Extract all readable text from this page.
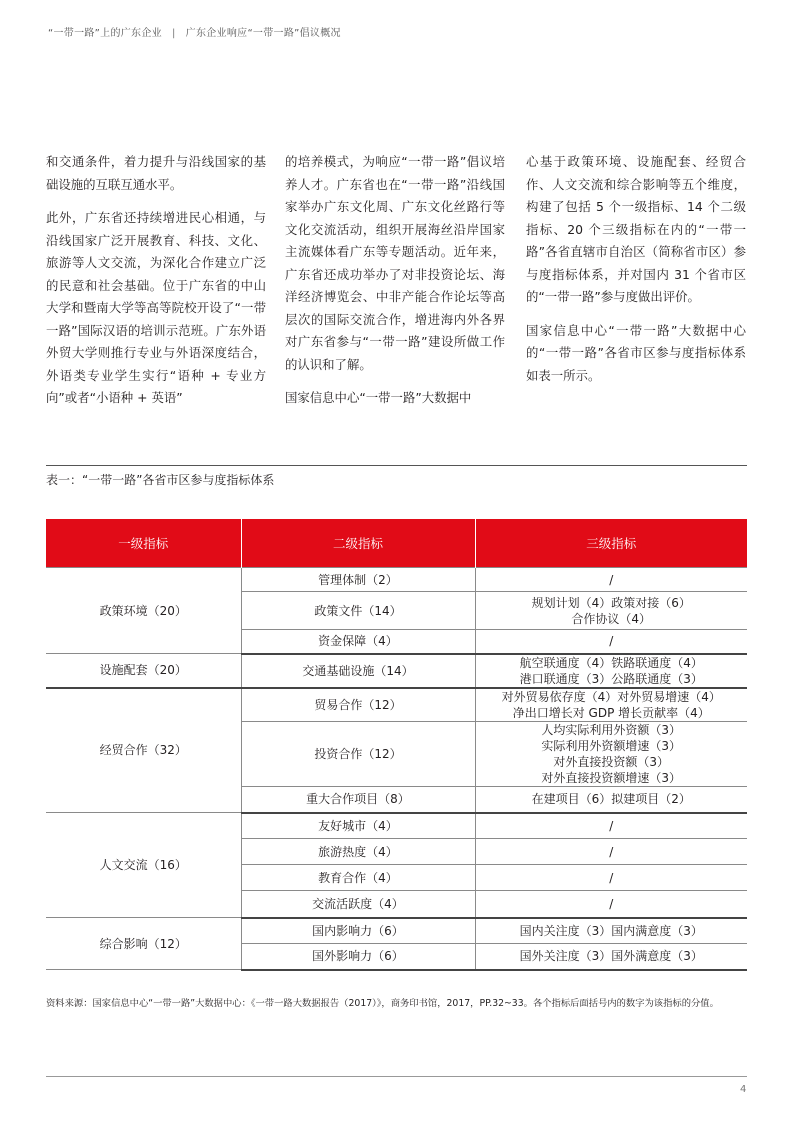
“一带一路”上的广东企业 | 广东企业响应“一带一路”倡议概况

和交通条件，着力提升与沿线国家的基础设施的互联互通水平。

此外，广东省还持续增进民心相通，与沿线国家广泛开展教育、科技、文化、旅游等人文交流，为深化合作建立广泛的民意和社会基础。位于广东省的中山大学和暨南大学等高等院校开设了“一带一路”国际汉语的培训示范班。广东外语外贸大学则推行专业与外语深度结合，外语类专业学生实行“语种 + 专业方向”或者“小语种 + 英语”

的培养模式，为响应“一带一路”倡议培养人才。广东省也在“一带一路”沿线国家举办广东文化周、广东文化丝路行等文化交流活动，组织开展海丝沿岸国家主流媒体看广东等专题活动。近年来，广东省还成功举办了对非投资论坛、海洋经济博览会、中非产能合作论坛等高层次的国际交流合作，增进海内外各界对广东省参与“一带一路”建设所做工作的认识和了解。

国家信息中心“一带一路”大数据中

心基于政策环境、设施配套、经贸合作、人文交流和综合影响等五个维度，构建了包括 5 个一级指标、14 个二级指标、20 个三级指标在内的“一带一路”各省直辖市自治区（简称省市区）参与度指标体系，并对国内 31 个省市区的“一带一路”参与度做出评价。

国家信息中心“一带一路”大数据中心的“一带一路”各省市区参与度指标体系如表一所示。

表一：“一带一路”各省市区参与度指标体系
一级指标	二级指标	三级指标
政策环境（20）	管理体制（2）	/

	政策文件（14）	规划计划（4）政策对接（6）
合作协议（4）

	资金保障（4）	/

设施配套（20）	交通基础设施（14）	航空联通度（4）铁路联通度（4）
港口联通度（3）公路联通度（3）

经贸合作（32）	贸易合作（12）	对外贸易依存度（4）对外贸易增速（4）
净出口增长对 GDP 增长贡献率（4）

	投资合作（12）	人均实际利用外资额（3）
实际利用外资额增速（3）
对外直接投资额（3）
对外直接投资额增速（3）

	重大合作项目（8）	在建项目（6）拟建项目（2）

人文交流（16）	友好城市（4）	/

	旅游热度（4）	/

	教育合作（4）	/

	交流活跃度（4）	/

综合影响（12）	国内影响力（6）	国内关注度（3）国内满意度（3）

	国外影响力（6）	国外关注度（3）国外满意度（3）
资料来源：国家信息中心“一带一路”大数据中心：《一带一路大数据报告（2017）》，商务印书馆，2017，PP.32~33。各个指标后面括号内的数字为该指标的分值。
4
